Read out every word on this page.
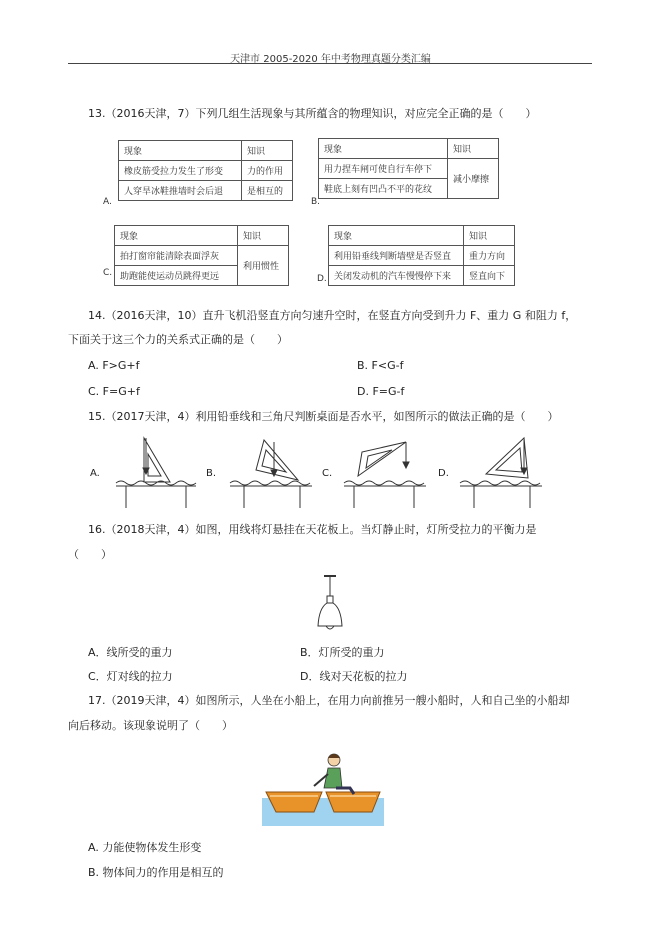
天津市 2005-2020 年中考物理真题分类汇编
13.（2016天津，7）下列几组生活现象与其所蕴含的物理知识，对应完全正确的是（　　）
A.
现象	知识
橡皮筋受拉力发生了形变	力的作用
人穿旱冰鞋推墙时会后退	是相互的
B.
现象	知识
用力捏车闸可使自行车停下	减小摩擦
鞋底上刻有凹凸不平的花纹	
C.
现象	知识
拍打窗帘能清除表面浮灰	利用惯性
助跑能使运动员跳得更远		D.
现象	知识
利用铅垂线判断墙壁是否竖直	重力方向
关闭发动机的汽车慢慢停下来	竖直向下
14.（2016天津，10）直升飞机沿竖直方向匀速升空时，在竖直方向受到升力 F、重力 G 和阻力 f，
下面关于这三个力的关系式正确的是（　　）
A. F>G+f	B. F<G-f
C. F=G+f	D. F=G-f
15.（2017天津，4）利用铅垂线和三角尺判断桌面是否水平，如图所示的做法正确的是（　　）
A.	B.	C.	D.
16.（2018天津，4）如图，用线将灯悬挂在天花板上。当灯静止时，灯所受拉力的平衡力是
（　　）
A．线所受的重力	B．灯所受的重力
C．灯对线的拉力	D．线对天花板的拉力
17.（2019天津，4）如图所示，人坐在小船上，在用力向前推另一艘小船时，人和自己坐的小船却
向后移动。该现象说明了（　　）
A. 力能使物体发生形变
B. 物体间力的作用是相互的
